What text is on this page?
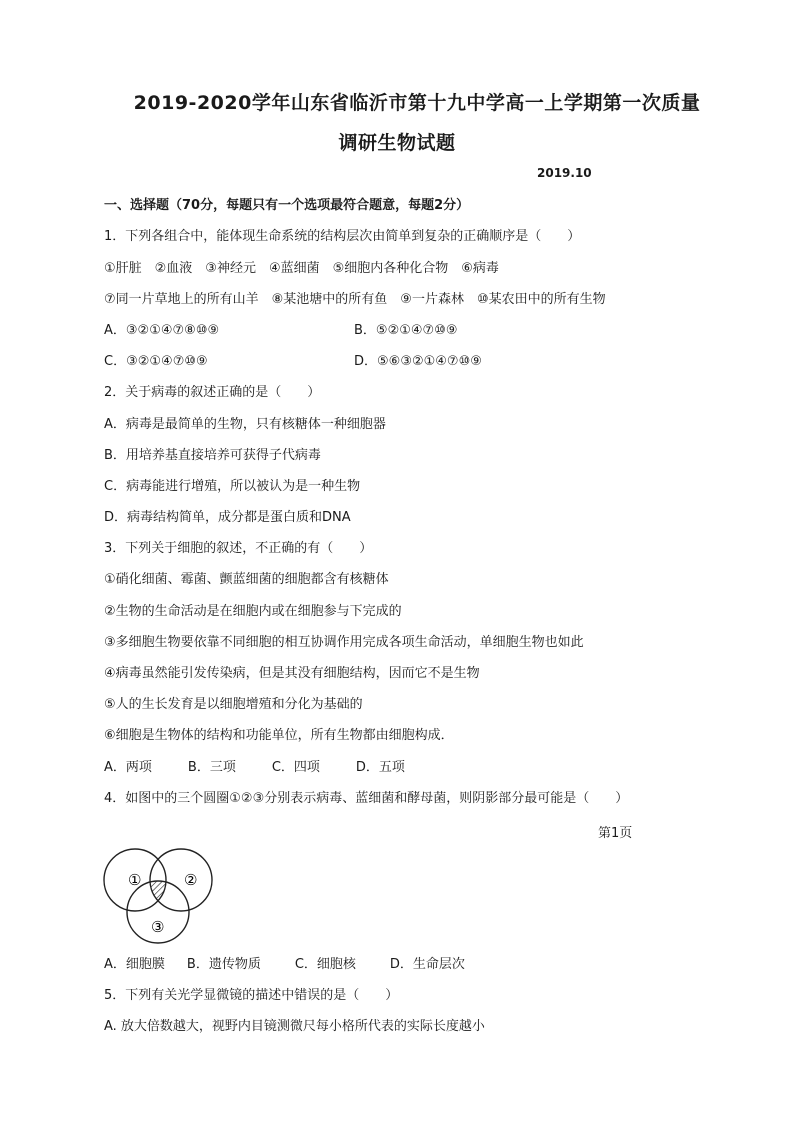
2019-2020学年山东省临沂市第十九中学高一上学期第一次质量
调研生物试题
2019.10
一、选择题（70分，每题只有一个选项最符合题意，每题2分）
1．下列各组合中，能体现生命系统的结构层次由简单到复杂的正确顺序是（　　）
①肝脏　②血液　③神经元　④蓝细菌　⑤细胞内各种化合物　⑥病毒
⑦同一片草地上的所有山羊　⑧某池塘中的所有鱼　⑨一片森林　⑩某农田中的所有生物
A．③②①④⑦⑧⑩⑨	B．⑤②①④⑦⑩⑨
C．③②①④⑦⑩⑨	D．⑤⑥③②①④⑦⑩⑨
2．关于病毒的叙述正确的是（　　）
A．病毒是最简单的生物，只有核糖体一种细胞器
B．用培养基直接培养可获得子代病毒
C．病毒能进行增殖，所以被认为是一种生物
D．病毒结构简单，成分都是蛋白质和DNA
3．下列关于细胞的叙述，不正确的有（　　）
①硝化细菌、霉菌、颤蓝细菌的细胞都含有核糖体
②生物的生命活动是在细胞内或在细胞参与下完成的
③多细胞生物要依靠不同细胞的相互协调作用完成各项生命活动，单细胞生物也如此
④病毒虽然能引发传染病，但是其没有细胞结构，因而它不是生物
⑤人的生长发育是以细胞增殖和分化为基础的
⑥细胞是生物体的结构和功能单位，所有生物都由细胞构成．
A．两项	B．三项	C．四项	D．五项
4．如图中的三个圆圈①②③分别表示病毒、蓝细菌和酵母菌，则阴影部分最可能是（　　）
第1页
①	②
③
A．细胞膜 B．遗传物质	C．细胞核	D．生命层次
5．下列有关光学显微镜的描述中错误的是（　　）
A. 放大倍数越大，视野内目镜测微尺每小格所代表的实际长度越小
